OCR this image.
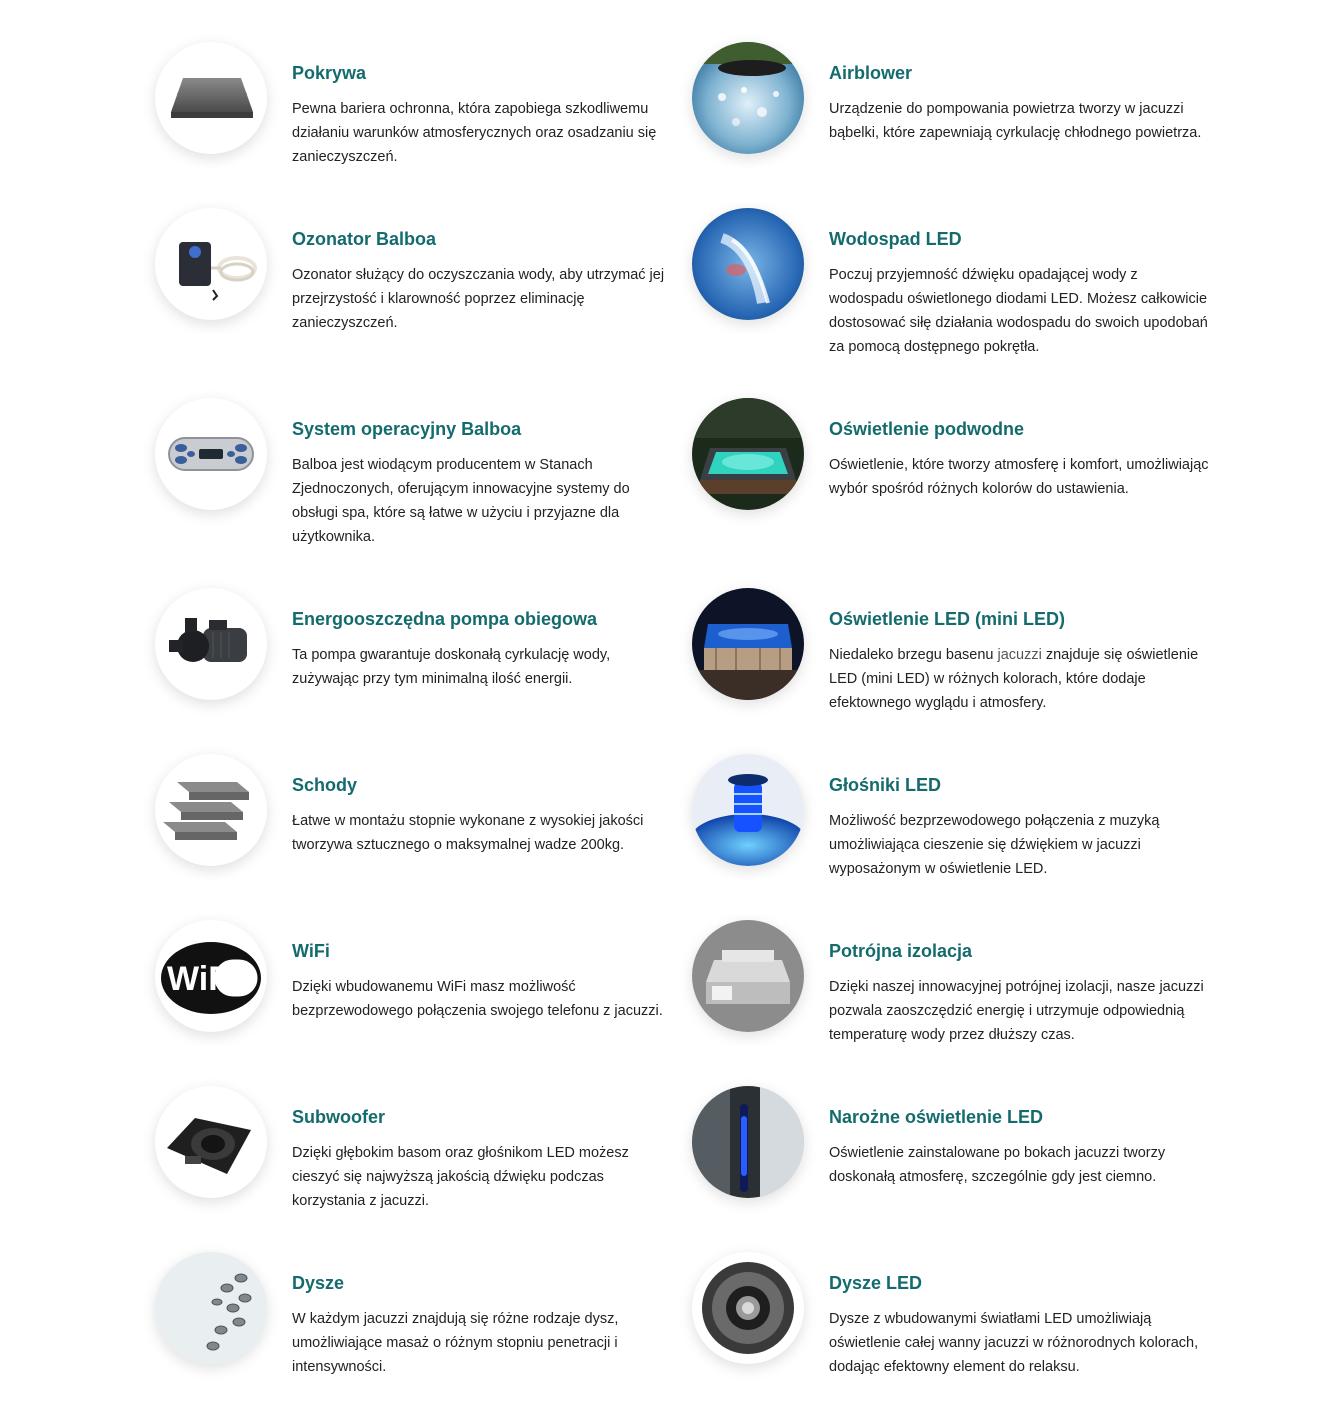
Pokrywa

Pewna bariera ochronna, która zapobiega szkodliwemu działaniu warunków atmosferycznych oraz osadzaniu się zanieczyszczeń.

Airblower

Urządzenie do pompowania powietrza tworzy w jacuzzi bąbelki, które zapewniają cyrkulację chłodnego powietrza.

Ozonator Balboa

Ozonator służący do oczyszczania wody, aby utrzymać jej przejrzystość i klarowność poprzez eliminację zanieczyszczeń.

Wodospad LED

Poczuj przyjemność dźwięku opadającej wody z wodospadu oświetlonego diodami LED. Możesz całkowicie dostosować siłę działania wodospadu do swoich upodobań za pomocą dostępnego pokrętła.

System operacyjny Balboa

Balboa jest wiodącym producentem w Stanach Zjednoczonych, oferującym innowacyjne systemy do obsługi spa, które są łatwe w użyciu i przyjazne dla użytkownika.

Oświetlenie podwodne

Oświetlenie, które tworzy atmosferę i komfort, umożliwiając wybór spośród różnych kolorów do ustawienia.

Energooszczędna pompa obiegowa

Ta pompa gwarantuje doskonałą cyrkulację wody, zużywając przy tym minimalną ilość energii.

Oświetlenie LED (mini LED)

Niedaleko brzegu basenu jacuzzi znajduje się oświetlenie LED (mini LED) w różnych kolorach, które dodaje efektownego wyglądu i atmosfery.

Schody

Łatwe w montażu stopnie wykonane z wysokiej jakości tworzywa sztucznego o maksymalnej wadze 200kg.

Głośniki LED

Możliwość bezprzewodowego połączenia z muzyką umożliwiająca cieszenie się dźwiękiem w jacuzzi wyposażonym w oświetlenie LED.

WiFi
WiFi

Dzięki wbudowanemu WiFi masz możliwość bezprzewodowego połączenia swojego telefonu z jacuzzi.

Potrójna izolacja

Dzięki naszej innowacyjnej potrójnej izolacji, nasze jacuzzi pozwala zaoszczędzić energię i utrzymuje odpowiednią temperaturę wody przez dłuższy czas.

Subwoofer

Dzięki głębokim basom oraz głośnikom LED możesz cieszyć się najwyższą jakością dźwięku podczas korzystania z jacuzzi.

Narożne oświetlenie LED

Oświetlenie zainstalowane po bokach jacuzzi tworzy doskonałą atmosferę, szczególnie gdy jest ciemno.

Dysze

W każdym jacuzzi znajdują się różne rodzaje dysz, umożliwiające masaż o różnym stopniu penetracji i intensywności.

Dysze LED

Dysze z wbudowanymi światłami LED umożliwiają oświetlenie całej wanny jacuzzi w różnorodnych kolorach, dodając efektowny element do relaksu.
